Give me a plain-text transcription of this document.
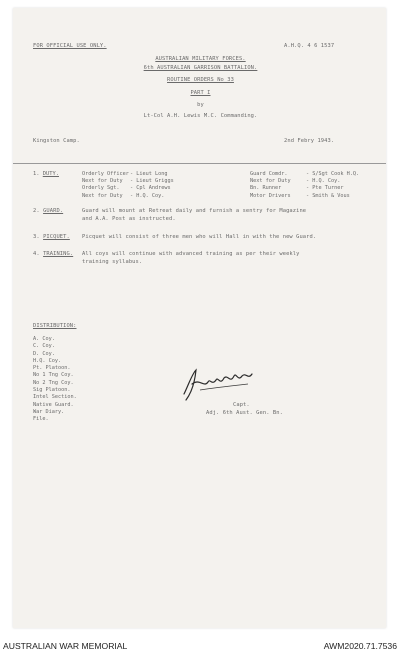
FOR OFFICIAL USE ONLY.	A.H.Q. 4 6 1537
AUSTRALIAN MILITARY FORCES.
6th AUSTRALIAN GARRISON BATTALION.
ROUTINE ORDERS No 33
PART I
by
Lt-Col A.H. Lewis M.C. Commanding.
Kingston Camp.	2nd Febry 1943.
1. DUTY.	Orderly Officer - Lieut Long	Guard Comdr.	- S/Sgt Cook H.Q.
Next for Duty	- Lieut Griggs	Next for Duty	- H.Q. Coy.
Orderly Sgt.	- Cpl Andrews	Bn. Runner	- Pte Turner
Next for Duty	- H.Q. Coy.	Motor Drivers	- Smith & Vous
2. GUARD.	Guard will mount at Retreat daily and furnish a sentry for Magazine
and A.A. Post as instructed.
3. PICQUET. Picquet will consist of three men who will Hall in with the new Guard.
4. TRAINING. All coys will continue with advanced training as per their weekly
training syllabus.
DISTRIBUTION:
A. Coy.
C. Coy.
D. Coy.
H.Q. Coy.
Pt. Platoon.
No 1 Tng Coy.
No 2 Tng Coy.
Sig Platoon.
Intel Section.
Native Guard.
War Diary.
File.
Capt.
Adj. 6th Aust. Gen. Bn.
AUSTRALIAN WAR MEMORIAL	AWM2020.71.7536
